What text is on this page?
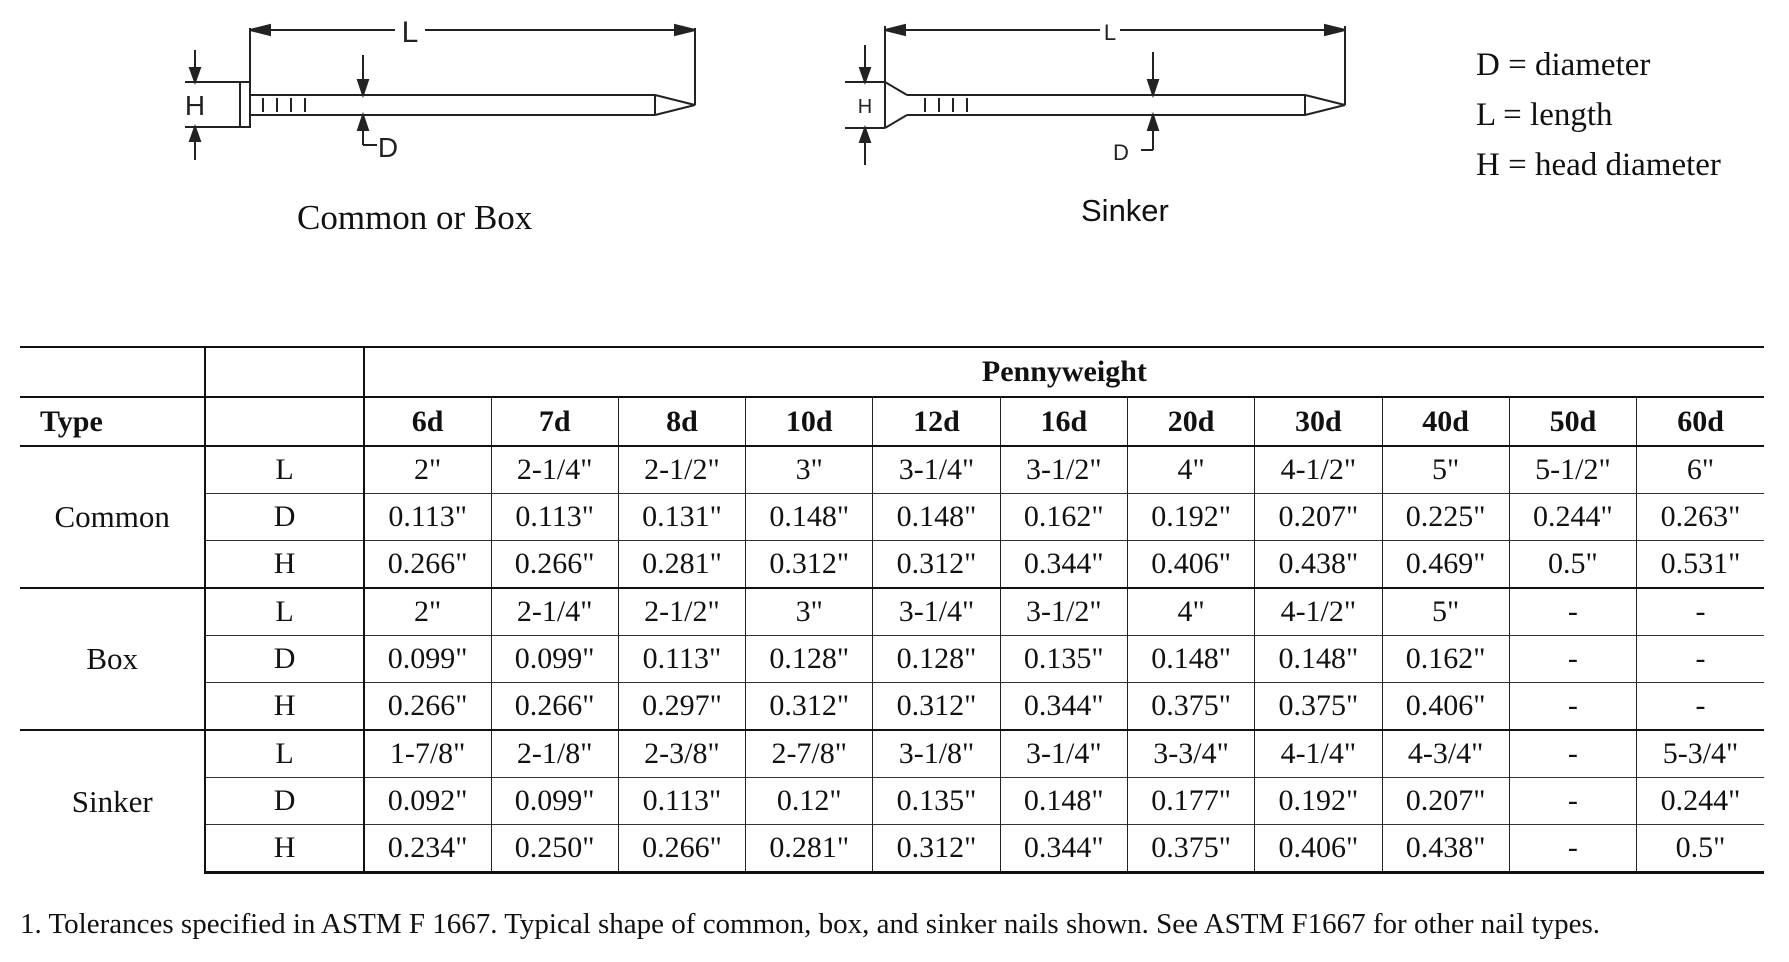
L
H
D
Common or Box
L
H
D
Sinker
D = diameter
L = length
H = head diameter
		Pennyweight										
Type		6d	7d	8d	10d	12d	16d	20d	30d	40d	50d	60d
Common	L	2"	2-1/4"	2-1/2"	3"	3-1/4"	3-1/2"	4"	4-1/2"	5"	5-1/2"	6"
	D	0.113"	0.113"	0.131"	0.148"	0.148"	0.162"	0.192"	0.207"	0.225"	0.244"	0.263"
	H	0.266"	0.266"	0.281"	0.312"	0.312"	0.344"	0.406"	0.438"	0.469"	0.5"	0.531"
Box	L	2"	2-1/4"	2-1/2"	3"	3-1/4"	3-1/2"	4"	4-1/2"	5"	-	-
	D	0.099"	0.099"	0.113"	0.128"	0.128"	0.135"	0.148"	0.148"	0.162"	-	-
	H	0.266"	0.266"	0.297"	0.312"	0.312"	0.344"	0.375"	0.375"	0.406"	-	-
Sinker	L	1-7/8"	2-1/8"	2-3/8"	2-7/8"	3-1/8"	3-1/4"	3-3/4"	4-1/4"	4-3/4"	-	5-3/4"
	D	0.092"	0.099"	0.113"	0.12"	0.135"	0.148"	0.177"	0.192"	0.207"	-	0.244"
	H	0.234"	0.250"	0.266"	0.281"	0.312"	0.344"	0.375"	0.406"	0.438"	-	0.5"
1. Tolerances specified in ASTM F 1667. Typical shape of common, box, and sinker nails shown. See ASTM F1667 for other nail types.
